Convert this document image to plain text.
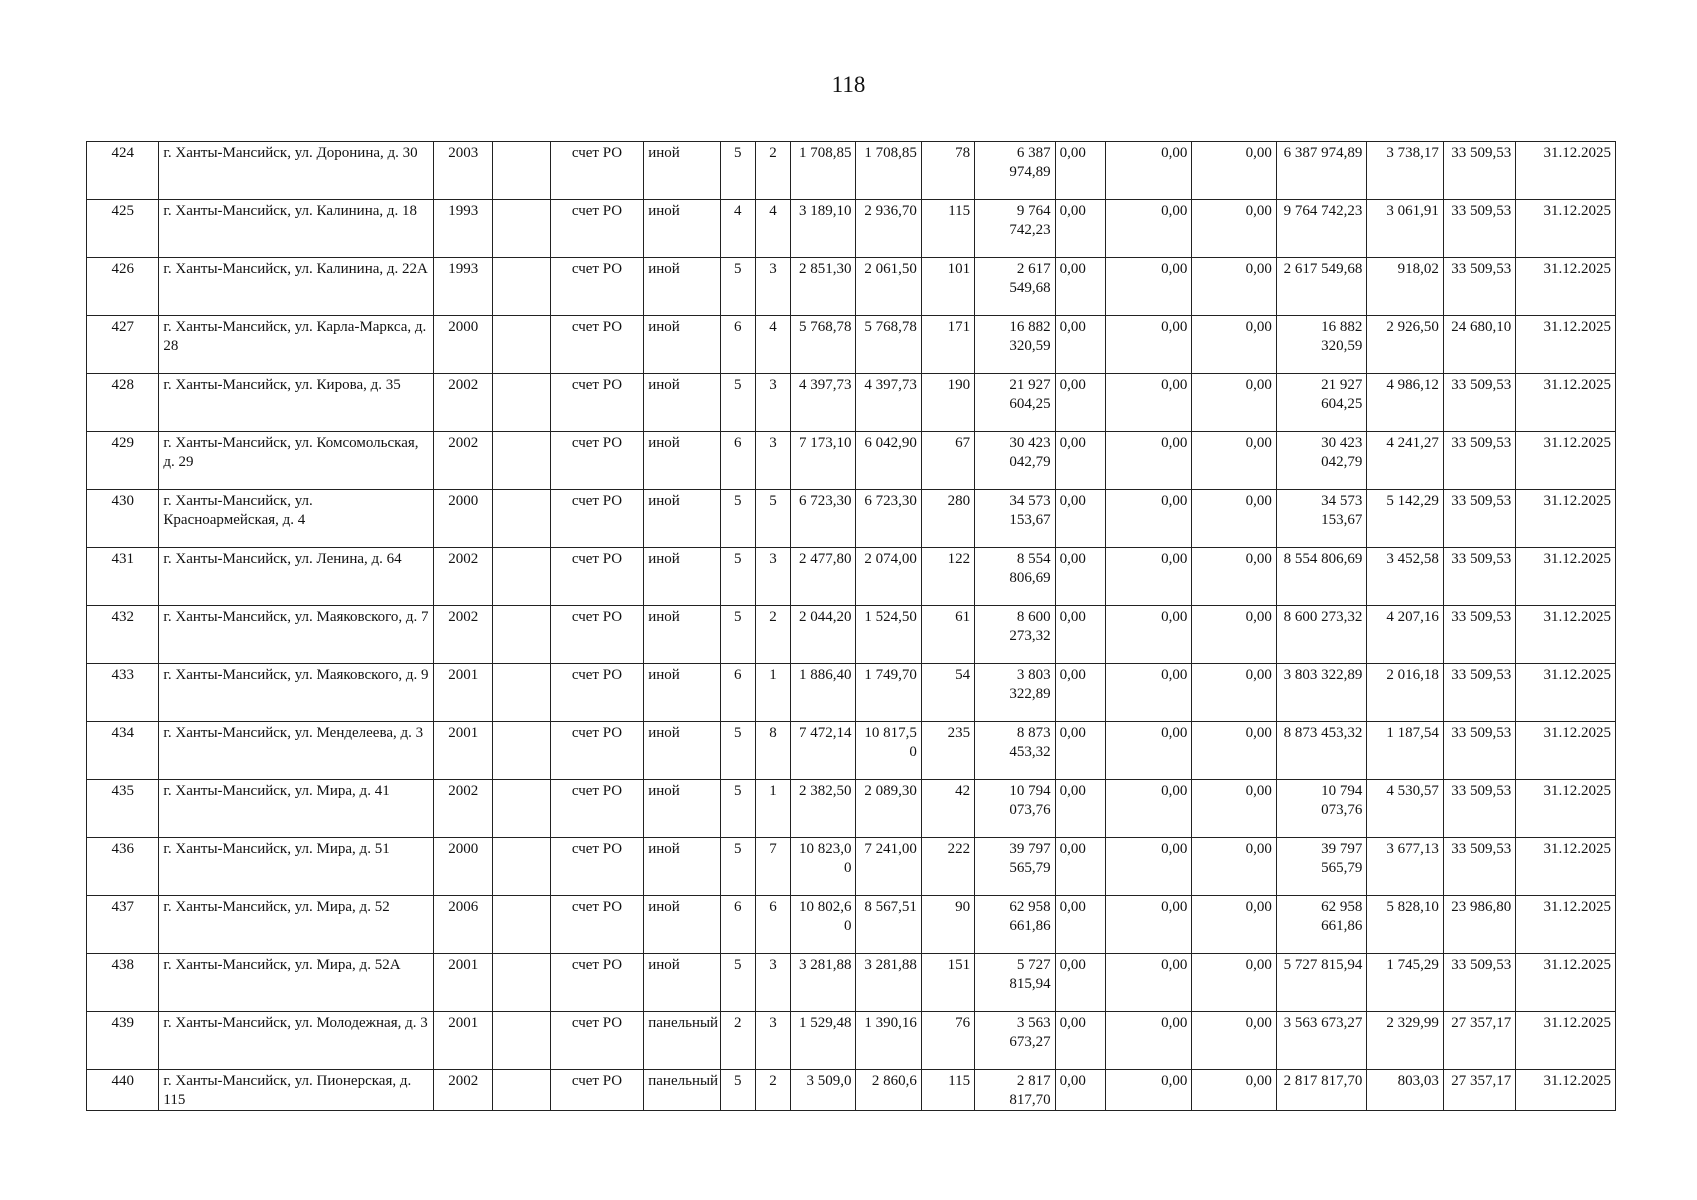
118
424	г. Ханты-Мансийск, ул. Доронина, д. 30	2003		счет РО	иной	5	2	1 708,85	1 708,85	78	6 387 974,89	0,00	0,00	0,00	6 387 974,89	3 738,17	33 509,53	31.12.2025
425	г. Ханты-Мансийск, ул. Калинина, д. 18	1993		счет РО	иной	4	4	3 189,10	2 936,70	115	9 764 742,23	0,00	0,00	0,00	9 764 742,23	3 061,91	33 509,53	31.12.2025
426	г. Ханты-Мансийск, ул. Калинина, д. 22А	1993		счет РО	иной	5	3	2 851,30	2 061,50	101	2 617 549,68	0,00	0,00	0,00	2 617 549,68	918,02	33 509,53	31.12.2025
427	г. Ханты-Мансийск, ул. Карла-Маркса, д. 28	2000		счет РО	иной	6	4	5 768,78	5 768,78	171	16 882 320,59	0,00	0,00	0,00	16 882 320,59	2 926,50	24 680,10	31.12.2025
428	г. Ханты-Мансийск, ул. Кирова, д. 35	2002		счет РО	иной	5	3	4 397,73	4 397,73	190	21 927 604,25	0,00	0,00	0,00	21 927 604,25	4 986,12	33 509,53	31.12.2025
429	г. Ханты-Мансийск, ул. Комсомольская, д. 29	2002		счет РО	иной	6	3	7 173,10	6 042,90	67	30 423 042,79	0,00	0,00	0,00	30 423 042,79	4 241,27	33 509,53	31.12.2025
430	г. Ханты-Мансийск, ул. Красноармейская, д. 4	2000		счет РО	иной	5	5	6 723,30	6 723,30	280	34 573 153,67	0,00	0,00	0,00	34 573 153,67	5 142,29	33 509,53	31.12.2025
431	г. Ханты-Мансийск, ул. Ленина, д. 64	2002		счет РО	иной	5	3	2 477,80	2 074,00	122	8 554 806,69	0,00	0,00	0,00	8 554 806,69	3 452,58	33 509,53	31.12.2025
432	г. Ханты-Мансийск, ул. Маяковского, д. 7	2002		счет РО	иной	5	2	2 044,20	1 524,50	61	8 600 273,32	0,00	0,00	0,00	8 600 273,32	4 207,16	33 509,53	31.12.2025
433	г. Ханты-Мансийск, ул. Маяковского, д. 9	2001		счет РО	иной	6	1	1 886,40	1 749,70	54	3 803 322,89	0,00	0,00	0,00	3 803 322,89	2 016,18	33 509,53	31.12.2025
434	г. Ханты-Мансийск, ул. Менделеева, д. 3	2001		счет РО	иной	5	8	7 472,14	10 817,50	235	8 873 453,32	0,00	0,00	0,00	8 873 453,32	1 187,54	33 509,53	31.12.2025
435	г. Ханты-Мансийск, ул. Мира, д. 41	2002		счет РО	иной	5	1	2 382,50	2 089,30	42	10 794 073,76	0,00	0,00	0,00	10 794 073,76	4 530,57	33 509,53	31.12.2025
436	г. Ханты-Мансийск, ул. Мира, д. 51	2000		счет РО	иной	5	7	10 823,00	7 241,00	222	39 797 565,79	0,00	0,00	0,00	39 797 565,79	3 677,13	33 509,53	31.12.2025
437	г. Ханты-Мансийск, ул. Мира, д. 52	2006		счет РО	иной	6	6	10 802,60	8 567,51	90	62 958 661,86	0,00	0,00	0,00	62 958 661,86	5 828,10	23 986,80	31.12.2025
438	г. Ханты-Мансийск, ул. Мира, д. 52А	2001		счет РО	иной	5	3	3 281,88	3 281,88	151	5 727 815,94	0,00	0,00	0,00	5 727 815,94	1 745,29	33 509,53	31.12.2025
439	г. Ханты-Мансийск, ул. Молодежная, д. 3	2001		счет РО	панельный	2	3	1 529,48	1 390,16	76	3 563 673,27	0,00	0,00	0,00	3 563 673,27	2 329,99	27 357,17	31.12.2025
440	г. Ханты-Мансийск, ул. Пионерская, д. 115	2002		счет РО	панельный	5	2	3 509,0	2 860,6	115	2 817 817,70	0,00	0,00	0,00	2 817 817,70	803,03	27 357,17	31.12.2025
